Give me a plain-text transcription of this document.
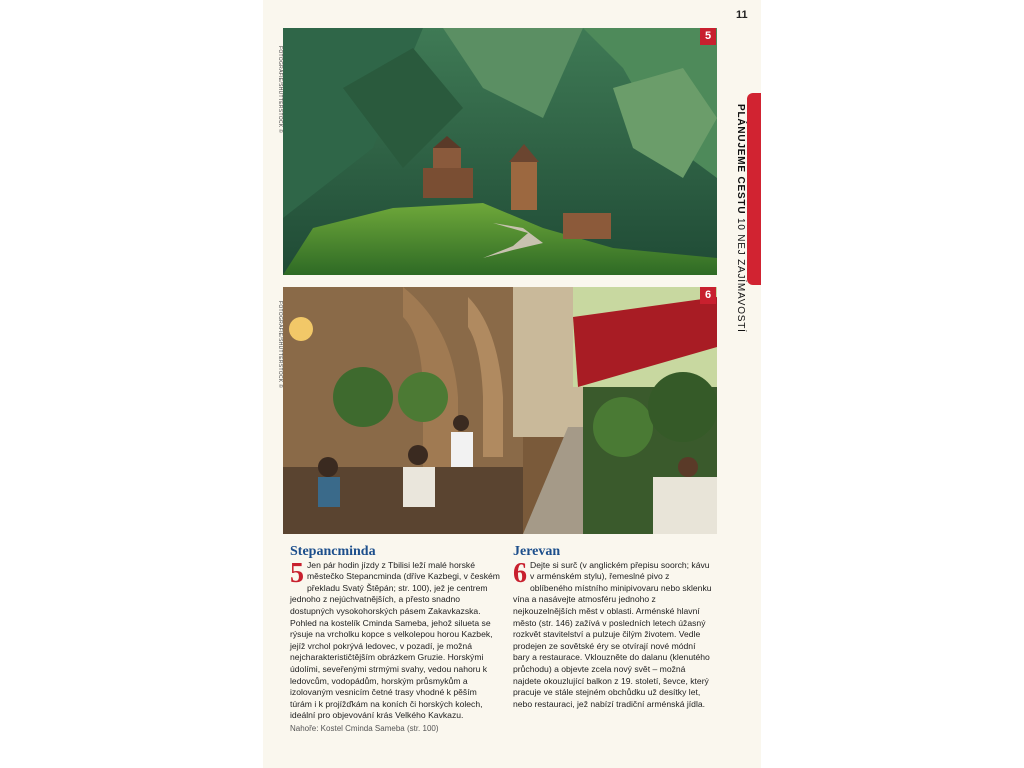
11
5
FOTOGRAFIE/SHUTTERSTOCK ©
6
FOTOGRAFIE/SHUTTERSTOCK ©
PLÁNUJEME CESTU 10 NEJ ZAJÍMAVOSTÍ
Stepancminda

5 Jen pár hodin jízdy z Tbilisi leží malé horské městečko Stepancminda (dříve Kazbegi, v českém překladu Svatý Štěpán; str. 100), jež je centrem jednoho z nejúchvatnějších, a přesto snadno dostupných vysokohorských pásem Zakavkazska. Pohled na kostelík Cminda Sameba, jehož silueta se rýsuje na vrcholku kopce s velkolepou horou Kazbek, jejíž vrchol pokrývá ledovec, v pozadí, je možná nejcharakterističtějším obrázkem Gruzie. Horskými údolími, seveřenými strmými svahy, vedou nahoru k ledovcům, vodopádům, horským průsmykům a izolovaným vesnicím četné trasy vhodné k pěším túrám i k projížďkám na koních či horských kolech, ideální pro objevování krás Velkého Kavkazu.

Nahoře: Kostel Cminda Sameba (str. 100)
Jerevan

6 Dejte si surč (v anglickém přepisu soorch; kávu v arménském stylu), řemeslné pivo z oblíbeného místního minipivovaru nebo sklenku vína a nasávejte atmosféru jednoho z nejkouzelnějších měst v oblasti. Arménské hlavní město (str. 146) zažívá v posledních letech úžasný rozkvět stavitelství a pulzuje čilým životem. Vedle prodejen ze sovětské éry se otvírají nové módní bary a restaurace. Vklouzněte do dalanu (klenutého průchodu) a objevte zcela nový svět – možná najdete okouzlující balkon z 19. století, ševce, který pracuje ve stále stejném obchůdku už desítky let, nebo restauraci, jež nabízí tradiční arménská jídla.
